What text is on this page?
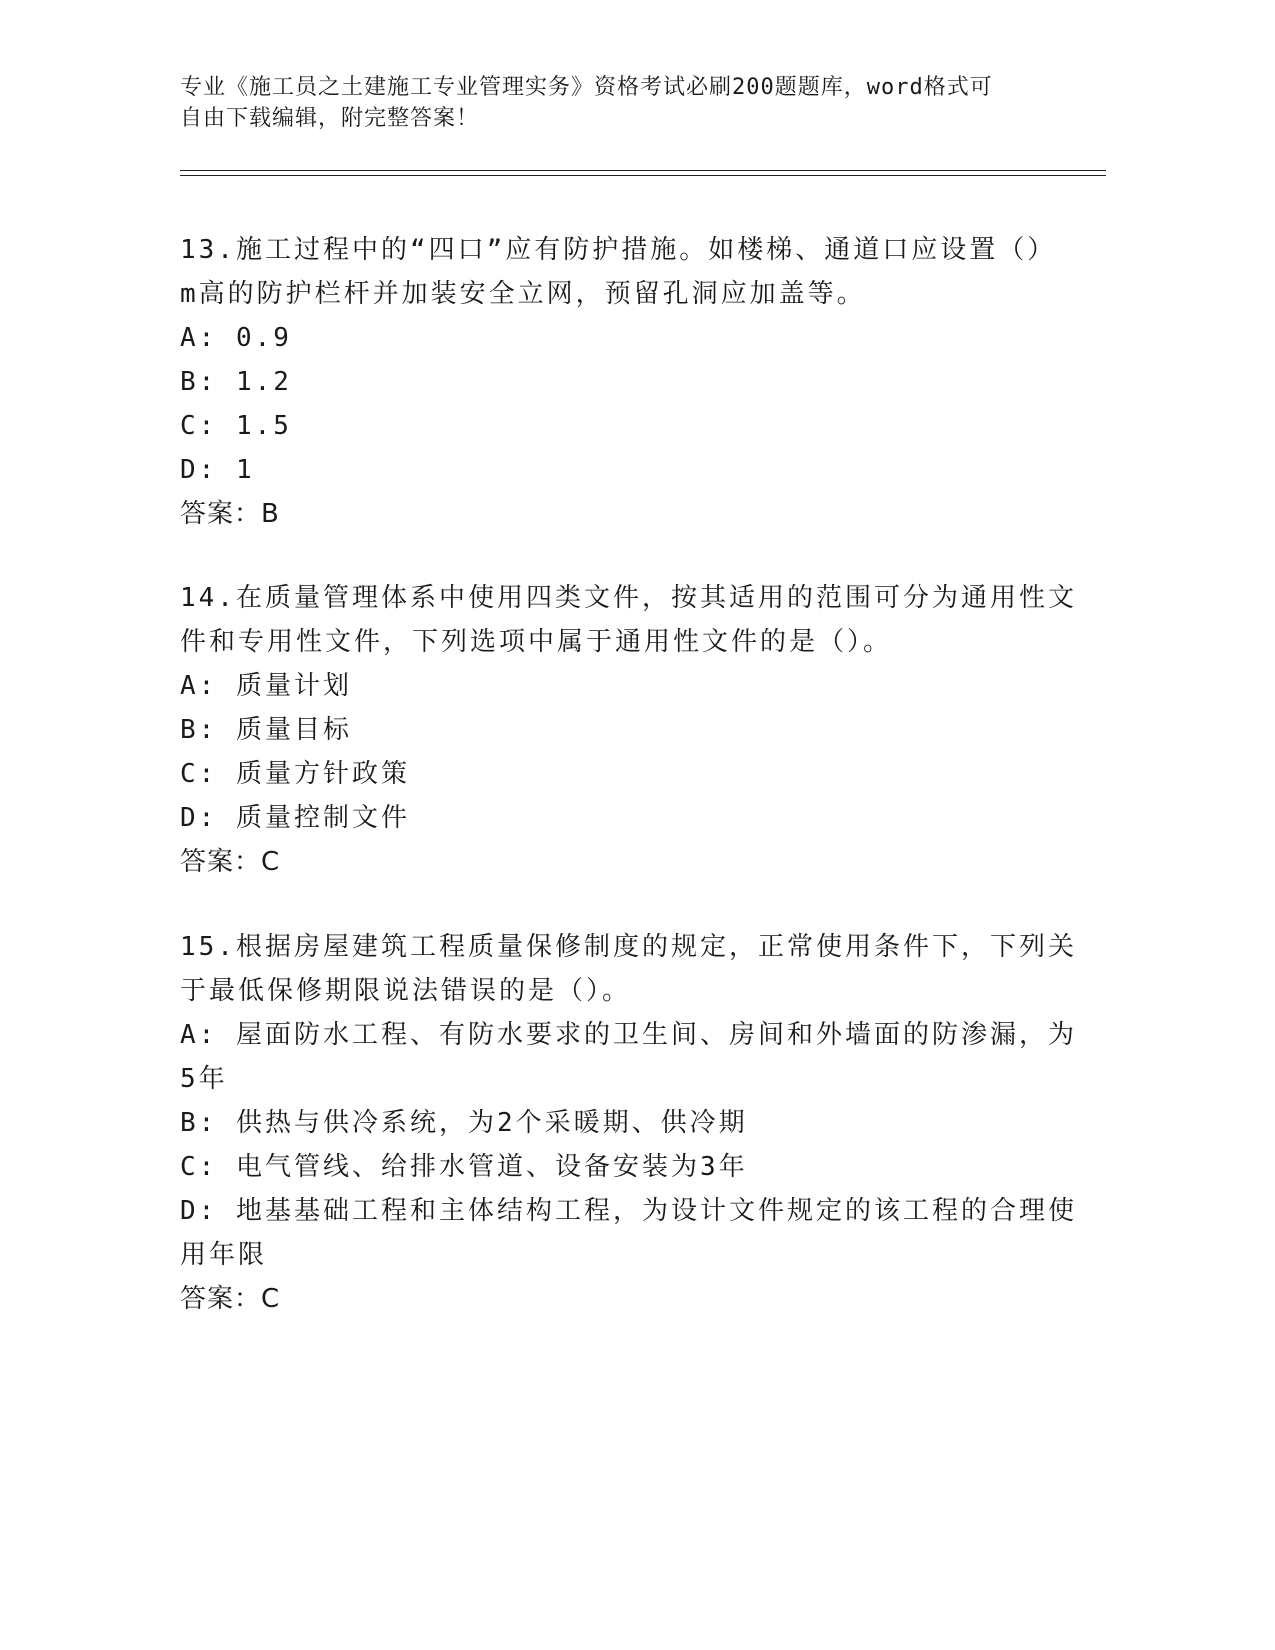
专业《施工员之土建施工专业管理实务》资格考试必刷200题题库，word格式可
自由下载编辑，附完整答案！
13.施工过程中的“四口”应有防护措施。如楼梯、通道口应设置（）
m高的防护栏杆并加装安全立网，预留孔洞应加盖等。
A: 0.9
B: 1.2
C: 1.5
D: 1
答案：B
14.在质量管理体系中使用四类文件，按其适用的范围可分为通用性文
件和专用性文件，下列选项中属于通用性文件的是（）。
A: 质量计划
B: 质量目标
C: 质量方针政策
D: 质量控制文件
答案：C
15.根据房屋建筑工程质量保修制度的规定，正常使用条件下，下列关
于最低保修期限说法错误的是（）。
A: 屋面防水工程、有防水要求的卫生间、房间和外墙面的防渗漏，为
5年
B: 供热与供冷系统，为2个采暖期、供冷期
C: 电气管线、给排水管道、设备安装为3年
D: 地基基础工程和主体结构工程，为设计文件规定的该工程的合理使
用年限
答案：C
